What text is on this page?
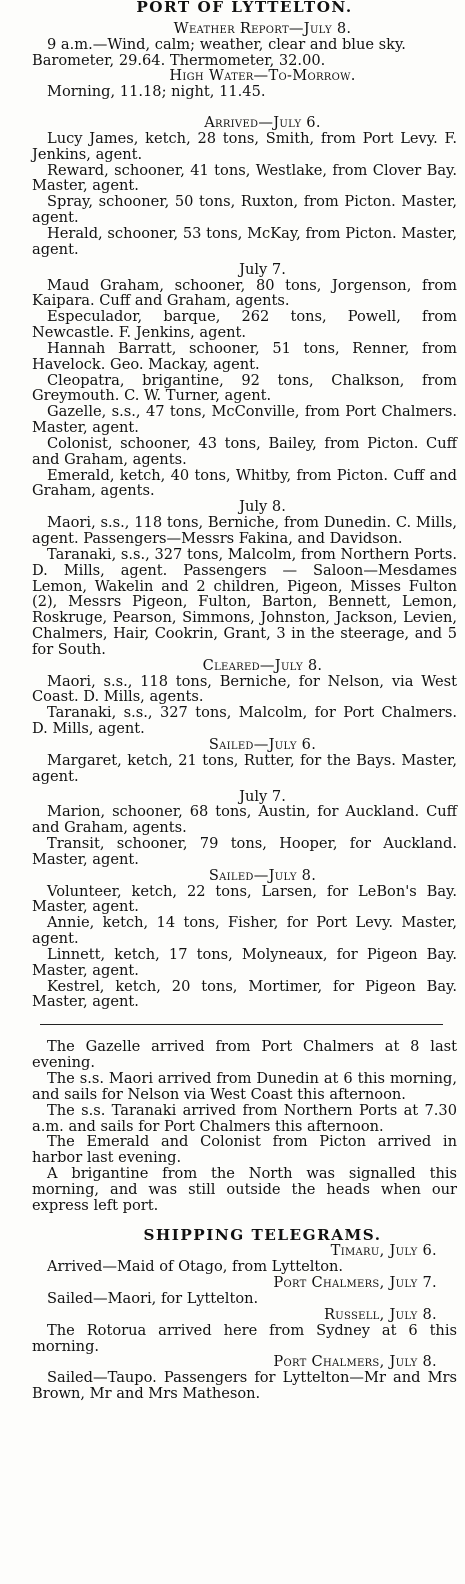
PORT OF LYTTELTON.

Weather Report—July 8.

9 a.m.—Wind, calm; weather, clear and blue sky.

Barometer, 29.64. Thermometer, 32.00.

High Water—To-Morrow.

Morning, 11.18; night, 11.45.

Arrived—July 6.

Lucy James, ketch, 28 tons, Smith, from Port Levy. F. Jenkins, agent.

Reward, schooner, 41 tons, Westlake, from Clover Bay. Master, agent.

Spray, schooner, 50 tons, Ruxton, from Picton. Master, agent.

Herald, schooner, 53 tons, McKay, from Picton. Master, agent.

July 7.

Maud Graham, schooner, 80 tons, Jorgenson, from Kaipara. Cuff and Graham, agents.

Especulador, barque, 262 tons, Powell, from Newcastle. F. Jenkins, agent.

Hannah Barratt, schooner, 51 tons, Renner, from Havelock. Geo. Mackay, agent.

Cleopatra, brigantine, 92 tons, Chalkson, from Greymouth. C. W. Turner, agent.

Gazelle, s.s., 47 tons, McConville, from Port Chalmers. Master, agent.

Colonist, schooner, 43 tons, Bailey, from Picton. Cuff and Graham, agents.

Emerald, ketch, 40 tons, Whitby, from Picton. Cuff and Graham, agents.

July 8.

Maori, s.s., 118 tons, Berniche, from Dunedin. C. Mills, agent. Passengers—Messrs Fakina, and Davidson.

Taranaki, s.s., 327 tons, Malcolm, from Northern Ports. D. Mills, agent. Passengers — Saloon—Mesdames Lemon, Wakelin and 2 children, Pigeon, Misses Fulton (2), Messrs Pigeon, Fulton, Barton, Bennett, Lemon, Roskruge, Pearson, Simmons, Johnston, Jackson, Levien, Chalmers, Hair, Cookrin, Grant, 3 in the steerage, and 5 for South.

Cleared—July 8.

Maori, s.s., 118 tons, Berniche, for Nelson, via West Coast. D. Mills, agents.

Taranaki, s.s., 327 tons, Malcolm, for Port Chalmers. D. Mills, agent.

Sailed—July 6.

Margaret, ketch, 21 tons, Rutter, for the Bays. Master, agent.

July 7.

Marion, schooner, 68 tons, Austin, for Auckland. Cuff and Graham, agents.

Transit, schooner, 79 tons, Hooper, for Auckland. Master, agent.

Sailed—July 8.

Volunteer, ketch, 22 tons, Larsen, for LeBon's Bay. Master, agent.

Annie, ketch, 14 tons, Fisher, for Port Levy. Master, agent.

Linnett, ketch, 17 tons, Molyneaux, for Pigeon Bay. Master, agent.

Kestrel, ketch, 20 tons, Mortimer, for Pigeon Bay. Master, agent.

The Gazelle arrived from Port Chalmers at 8 last evening.

The s.s. Maori arrived from Dunedin at 6 this morning, and sails for Nelson via West Coast this afternoon.

The s.s. Taranaki arrived from Northern Ports at 7.30 a.m. and sails for Port Chalmers this afternoon.

The Emerald and Colonist from Picton arrived in harbor last evening.

A brigantine from the North was signalled this morning, and was still outside the heads when our express left port.

SHIPPING TELEGRAMS.

Timaru, July 6.

Arrived—Maid of Otago, from Lyttelton.

Port Chalmers, July 7.

Sailed—Maori, for Lyttelton.

Russell, July 8.

The Rotorua arrived here from Sydney at 6 this morning.

Port Chalmers, July 8.

Sailed—Taupo. Passengers for Lyttelton—Mr and Mrs Brown, Mr and Mrs Matheson.
